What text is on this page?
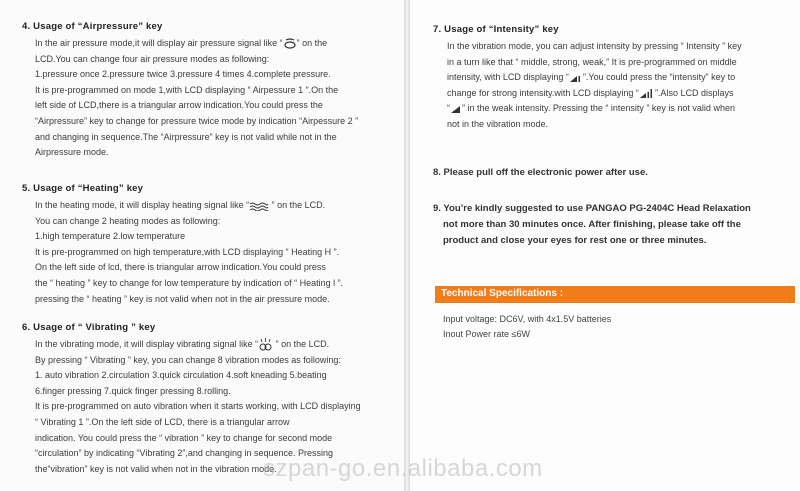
4. Usage of “Airpressure” key

In the air pressure mode,it will display air pressure signal like “ ” on the

LCD.You can change four air pressure modes as following:

1.pressure once 2.pressure twice 3.pressure 4 times 4.complete pressure.

It is pre-programmed on mode 1,with LCD displaying “ Airpessure 1 ”.On the

left side of LCD,there is a triangular arrow indication.You could press the

“Airpressure” key to change for pressure twice mode by indication “Airpessure 2 ”

and changing in sequence.The “Airpressure” key is not valid while not in the

Airpressure mode.

5. Usage of “Heating” key

In the heating mode, it will display heating signal like “ ” on the LCD.

You can change 2 heating modes as following:

1.high temperature 2.low temperature

It is pre-programmed on high temperature,with LCD displaying “ Heating H ”.

On the left side of lcd, there is triangular arrow indication.You could press

the “ heating ” key to change for low temperature by indication of “ Heating l ”.

pressing the “ heating ” key is not valid when not in the air pressure mode.

6. Usage of “ Vibrating ” key

In the vibrating mode, it will display vibrating signal like “ ” on the LCD.

By pressing “ Vibrating ” key, you can change 8 vibration modes as following:

1. auto vibration 2.circulation 3.quick circulation 4.soft kneading 5.beating

6.finger pressing 7.quick finger pressing 8.rolling.

It is pre-programmed on auto vibration when it starts working, with LCD displaying

“ Vibrating 1 ”.On the left side of LCD, there is a triangular arrow

indication. You could press the “ vibration ” key to change for second mode

“circulation” by indicating “Vibrating 2”,and changing in sequence. Pressing

the“vibration” key is not valid when not in the vibration mode.

7. Usage of “Intensity” key

In the vibration mode, you can adjust intensity by pressing “ Intensity ” key

in a turn like that “ middle, strong, weak,” It is pre-programmed on middle

intensity, with LCD displaying “ ”.You could press the “intensity” key to

change for strong intensity.with LCD displaying “ ”.Also LCD displays

“ ” in the weak intensity. Pressing the “ intensity ” key is not valid when

not in the vibration mode.

8. Please pull off the electronic power after use.

9. You’re kindly suggested to use PANGAO PG-2404C Head Relaxation

not more than 30 minutes once. After finishing, please take off the

product and close your eyes for rest one or three minutes.

Technical Specifications :
Input voltage: DC6V, with 4x1.5V batteries
Inout Power rate ≤6W
szpan-go.en.alibaba.com
